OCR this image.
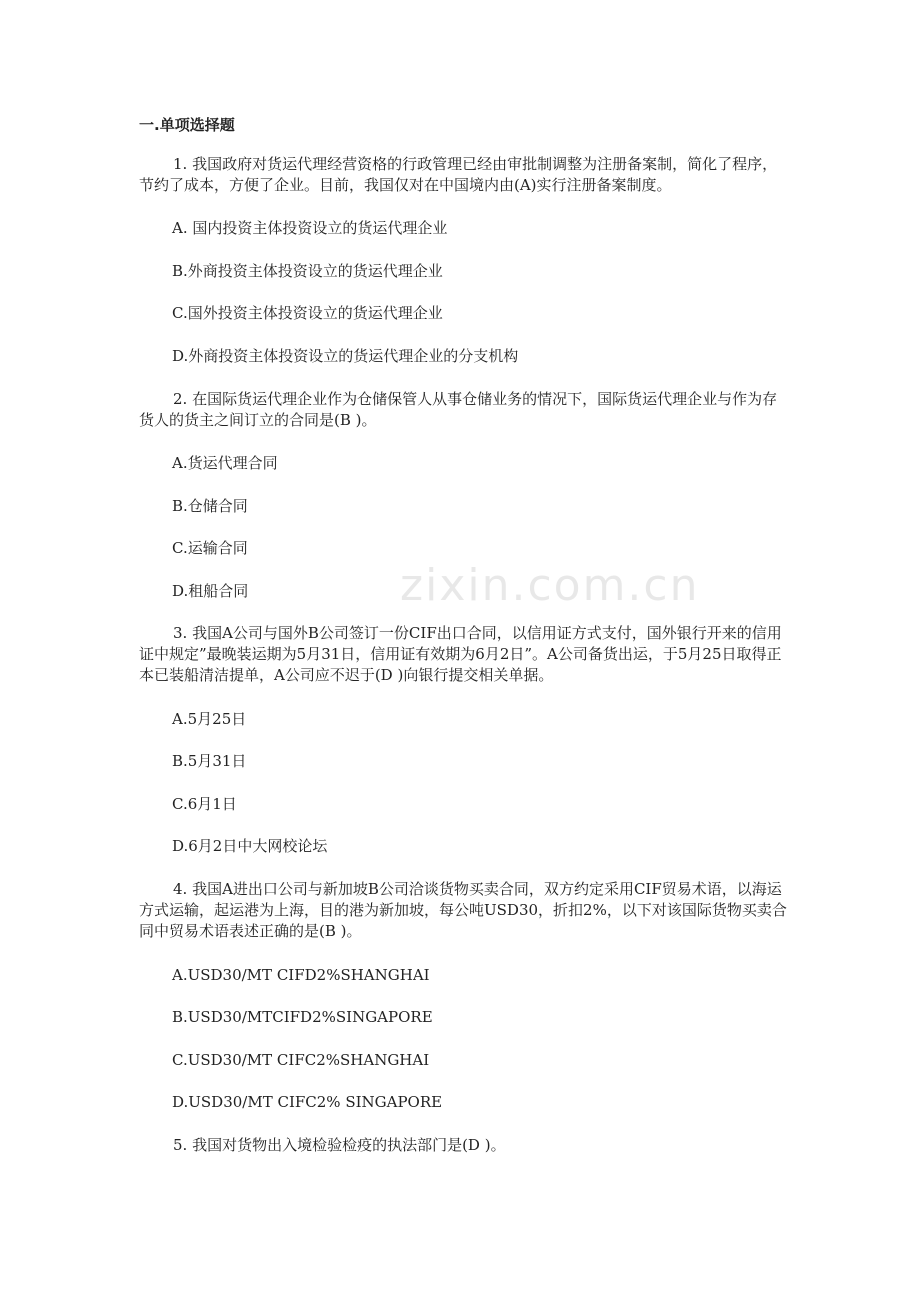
zixin.com.cn
一.单项选择题

1. 我国政府对货运代理经营资格的行政管理已经由审批制调整为注册备案制，简化了程序，节约了成本，方便了企业。目前，我国仅对在中国境内由(A)实行注册备案制度。

A. 国内投资主体投资设立的货运代理企业

B.外商投资主体投资设立的货运代理企业

C.国外投资主体投资设立的货运代理企业

D.外商投资主体投资设立的货运代理企业的分支机构

2. 在国际货运代理企业作为仓储保管人从事仓储业务的情况下，国际货运代理企业与作为存货人的货主之间订立的合同是(B )。

A.货运代理合同

B.仓储合同

C.运输合同

D.租船合同

3. 我国A公司与国外B公司签订一份CIF出口合同，以信用证方式支付，国外银行开来的信用证中规定”最晚装运期为5月31日，信用证有效期为6月2日”。A公司备货出运，于5月25日取得正本已装船清洁提单，A公司应不迟于(D )向银行提交相关单据。

A.5月25日

B.5月31日

C.6月1日

D.6月2日中大网校论坛

4. 我国A进出口公司与新加坡B公司洽谈货物买卖合同，双方约定采用CIF贸易术语，以海运方式运输，起运港为上海，目的港为新加坡，每公吨USD30，折扣2%，以下对该国际货物买卖合同中贸易术语表述正确的是(B )。

A.USD30/MT CIFD2%SHANGHAI

B.USD30/MTCIFD2%SINGAPORE

C.USD30/MT CIFC2%SHANGHAI

D.USD30/MT CIFC2% SINGAPORE

5. 我国对货物出入境检验检疫的执法部门是(D )。
